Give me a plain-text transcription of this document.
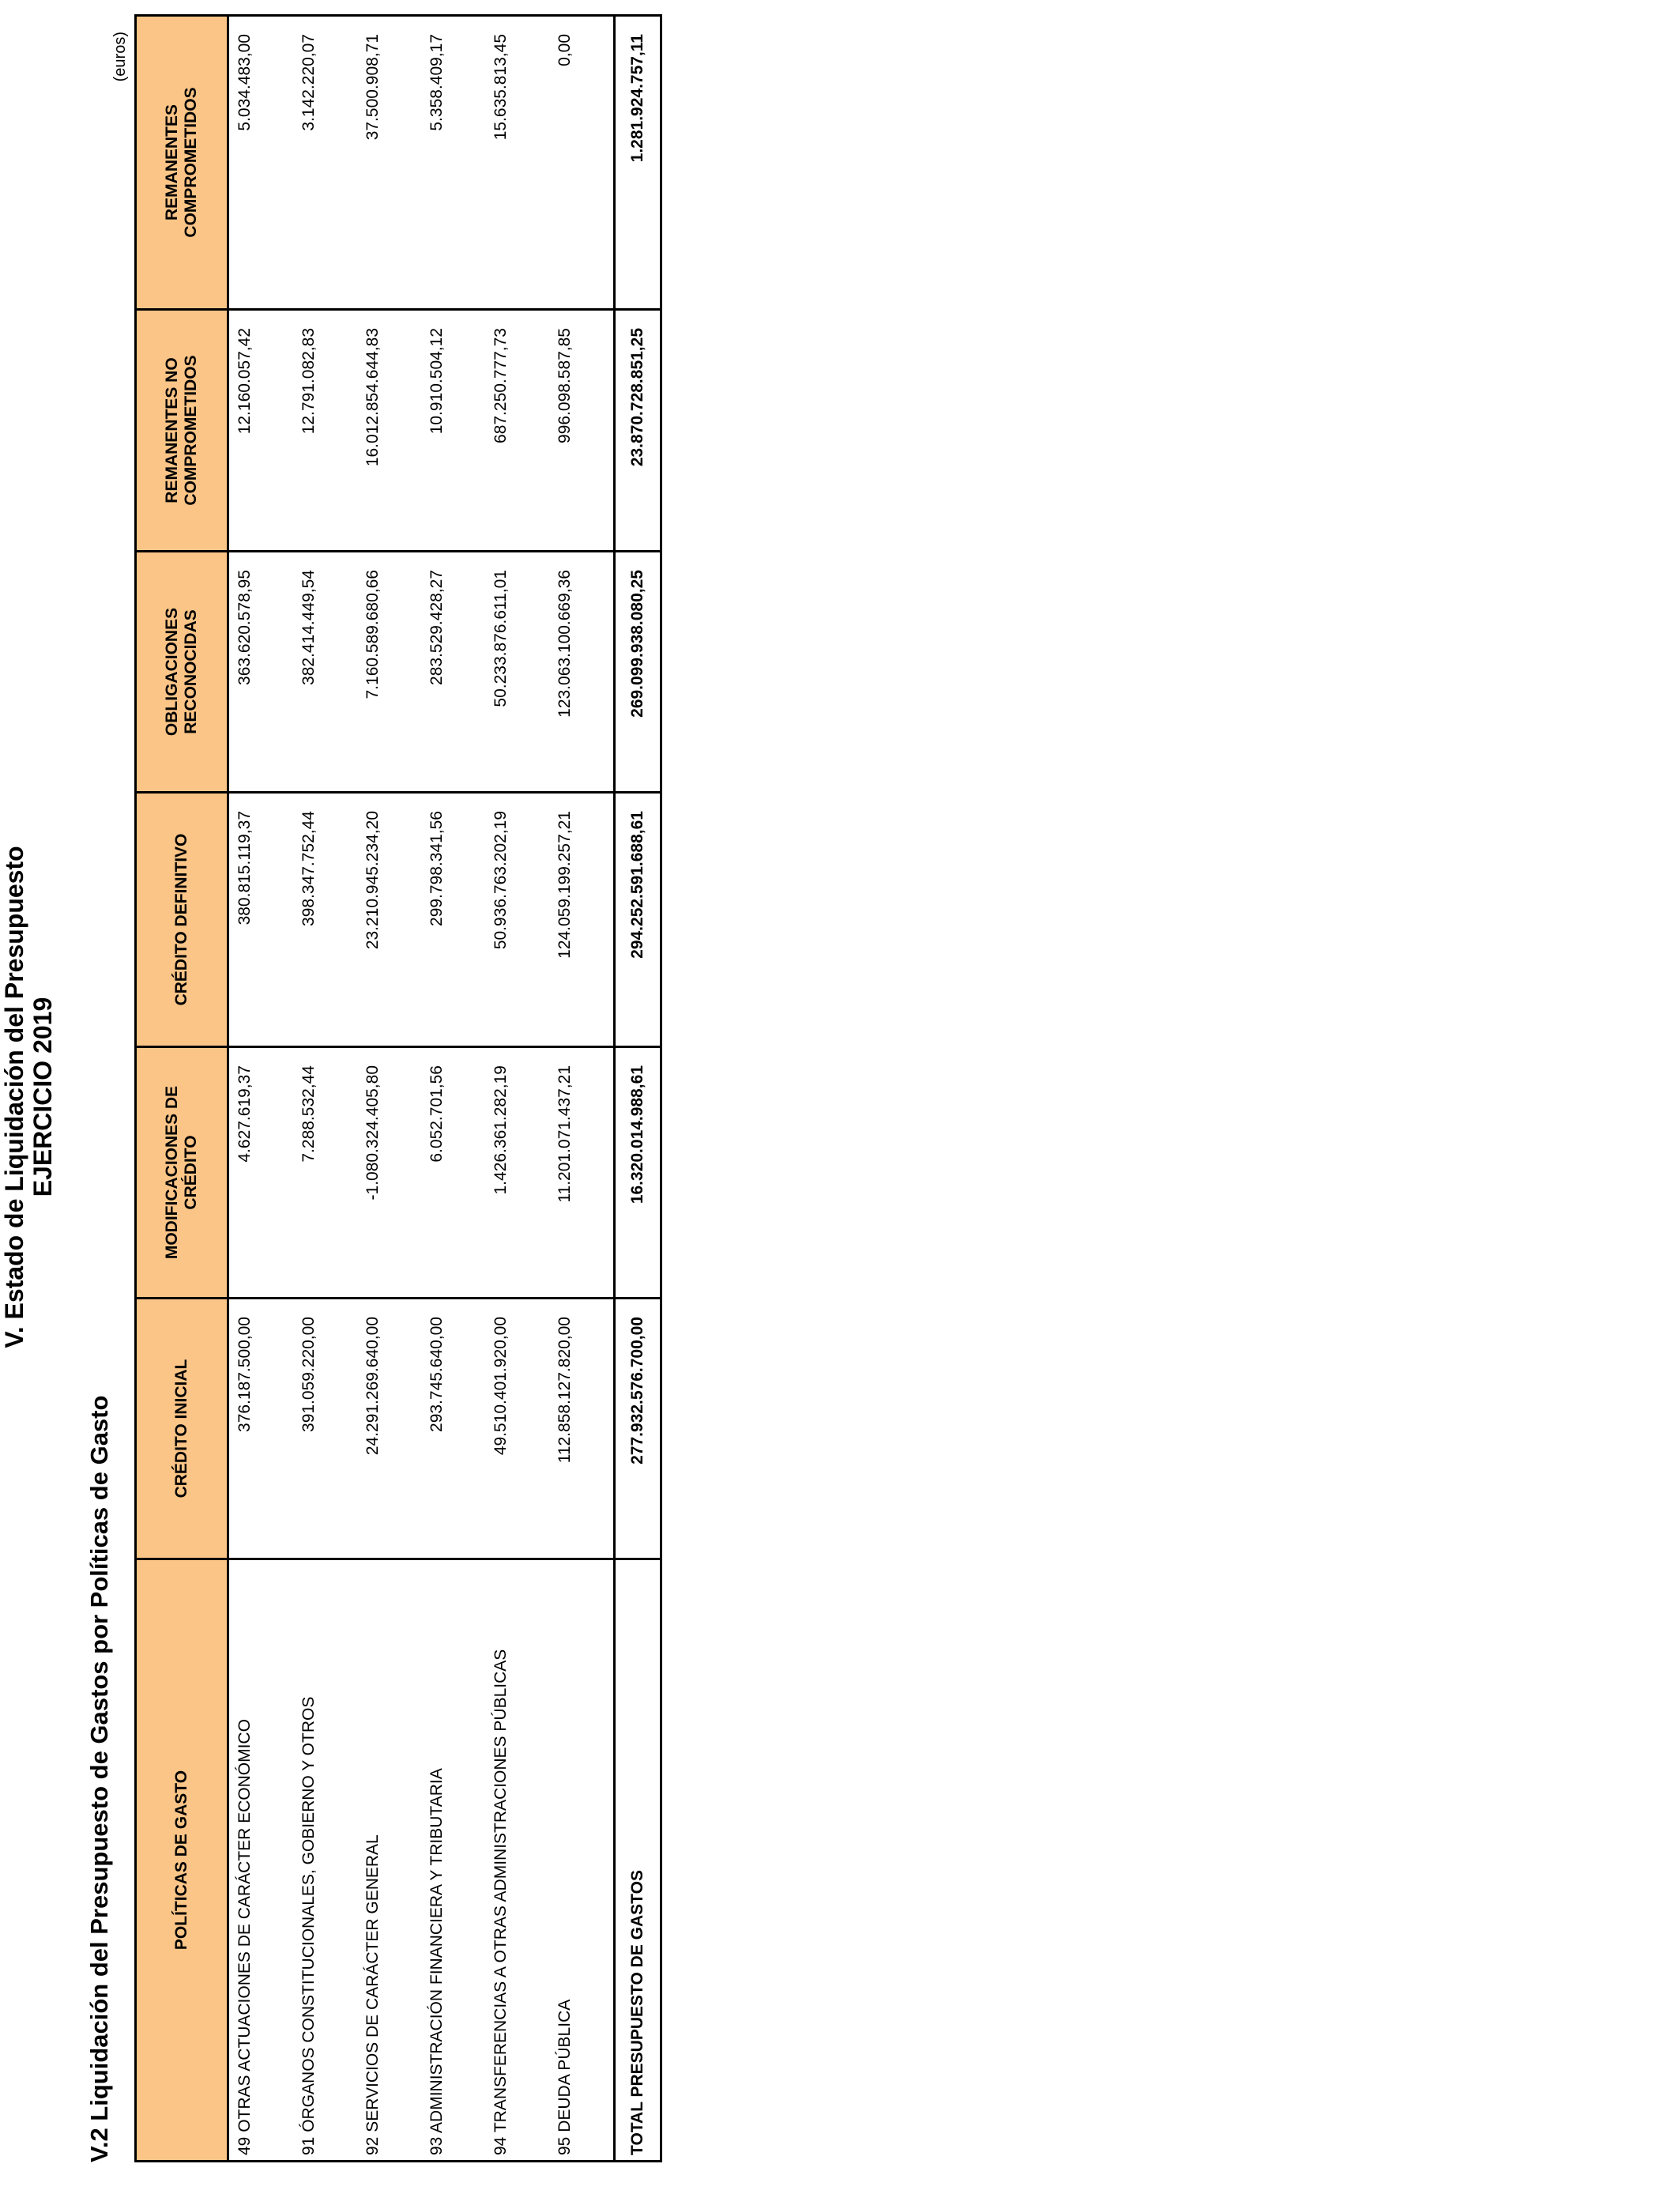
V. Estado de Liquidación del Presupuesto EJERCICIO 2019
V.2 Liquidación del Presupuesto de Gastos por Políticas de Gasto
(euros)
POLÍTICAS DE GASTO	CRÉDITO INICIAL	MODIFICACIONES DE CRÉDITO	CRÉDITO DEFINITIVO	OBLIGACIONES RECONOCIDAS	REMANENTES NO COMPROMETIDOS	REMANENTES COMPROMETIDOS
49 OTRAS ACTUACIONES DE CARÁCTER ECONÓMICO	376.187.500,00	4.627.619,37	380.815.119,37	363.620.578,95	12.160.057,42	5.034.483,00
91 ÓRGANOS CONSTITUCIONALES, GOBIERNO Y OTROS	391.059.220,00	7.288.532,44	398.347.752,44	382.414.449,54	12.791.082,83	3.142.220,07
92 SERVICIOS DE CARÁCTER GENERAL	24.291.269.640,00	-1.080.324.405,80	23.210.945.234,20	7.160.589.680,66	16.012.854.644,83	37.500.908,71
93 ADMINISTRACIÓN FINANCIERA Y TRIBUTARIA	293.745.640,00	6.052.701,56	299.798.341,56	283.529.428,27	10.910.504,12	5.358.409,17
94 TRANSFERENCIAS A OTRAS ADMINISTRACIONES PÚBLICAS	49.510.401.920,00	1.426.361.282,19	50.936.763.202,19	50.233.876.611,01	687.250.777,73	15.635.813,45
95 DEUDA PÚBLICA	112.858.127.820,00	11.201.071.437,21	124.059.199.257,21	123.063.100.669,36	996.098.587,85	0,00
TOTAL PRESUPUESTO DE GASTOS	277.932.576.700,00	16.320.014.988,61	294.252.591.688,61	269.099.938.080,25	23.870.728.851,25	1.281.924.757,11
